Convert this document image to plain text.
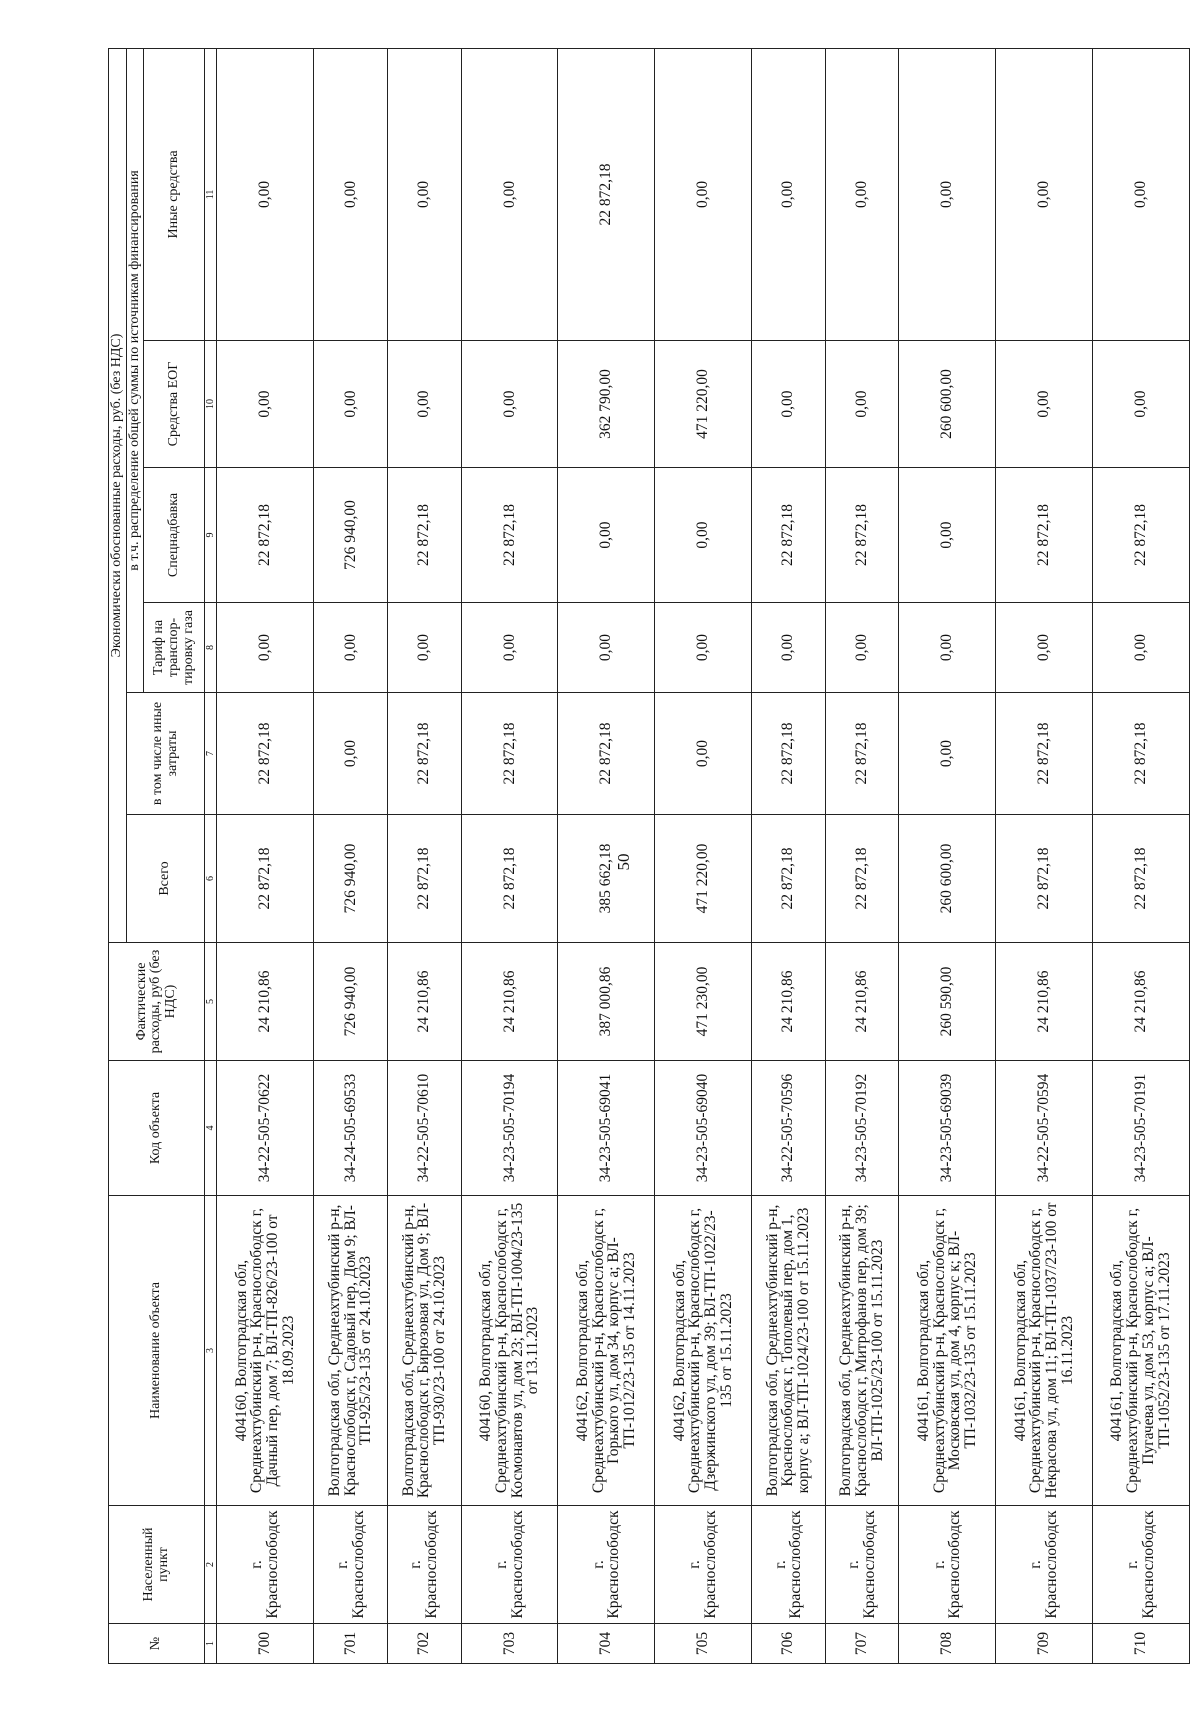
50
№	Населенный пункт	Наименование объекта	Код объекта	Фактические расходы, руб (без НДС)	Экономически обоснованные расходы, руб. (без НДС)					
					Всего	в том числе иные затраты	в т.ч. распределение общей суммы по источникам финансирования			
							Тариф на транспор-тировку газа	Спецнадбавка	Средства ЕОГ	Иные средства
1	2	3	4	5	6	7	8	9	10	11
700	г. Краснослободск	404160, Волгоградская обл, Среднеахтубинский р-н, Краснослободск г, Дачный пер, дом 7; ВЛ-ТП-826/23-100 от 18.09.2023	34-22-505-70622	24 210,86	22 872,18	22 872,18	0,00	22 872,18	0,00	0,00
701	г. Краснослободск	Волгоградская обл, Среднеахтубинский р-н, Краснослободск г, Садовый пер, Дом 9; ВЛ-ТП-925/23-135 от 24.10.2023	34-24-505-69533	726 940,00	726 940,00	0,00	0,00	726 940,00	0,00	0,00
702	г. Краснослободск	Волгоградская обл, Среднеахтубинский р-н, Краснослободск г, Бирюзовая ул, Дом 9; ВЛ-ТП-930/23-100 от 24.10.2023	34-22-505-70610	24 210,86	22 872,18	22 872,18	0,00	22 872,18	0,00	0,00
703	г. Краснослободск	404160, Волгоградская обл, Среднеахтубинский р-н, Краснослободск г, Космонавтов ул, дом 23; ВЛ-ТП-1004/23-135 от 13.11.2023	34-23-505-70194	24 210,86	22 872,18	22 872,18	0,00	22 872,18	0,00	0,00
704	г. Краснослободск	404162, Волгоградская обл, Среднеахтубинский р-н, Краснослободск г, Горького ул, дом 34, корпус а; ВЛ-ТП-1012/23-135 от 14.11.2023	34-23-505-69041	387 000,86	385 662,18	22 872,18	0,00	0,00	362 790,00	22 872,18
705	г. Краснослободск	404162, Волгоградская обл, Среднеахтубинский р-н, Краснослободск г, Дзержинского ул, дом 39; ВЛ-ТП-1022/23-135 от 15.11.2023	34-23-505-69040	471 230,00	471 220,00	0,00	0,00	0,00	471 220,00	0,00
706	г. Краснослободск	Волгоградская обл, Среднеахтубинский р-н, Краснослободск г, Тополевый пер, дом 1, корпус а; ВЛ-ТП-1024/23-100 от 15.11.2023	34-22-505-70596	24 210,86	22 872,18	22 872,18	0,00	22 872,18	0,00	0,00
707	г. Краснослободск	Волгоградская обл, Среднеахтубинский р-н, Краснослободск г, Митрофанов пер, дом 39; ВЛ-ТП-1025/23-100 от 15.11.2023	34-23-505-70192	24 210,86	22 872,18	22 872,18	0,00	22 872,18	0,00	0,00
708	г. Краснослободск	404161, Волгоградская обл, Среднеахтубинский р-н, Краснослободск г, Московская ул, дом 4, корпус к; ВЛ-ТП-1032/23-135 от 15.11.2023	34-23-505-69039	260 590,00	260 600,00	0,00	0,00	0,00	260 600,00	0,00
709	г. Краснослободск	404161, Волгоградская обл, Среднеахтубинский р-н, Краснослободск г, Некрасова ул, дом 11; ВЛ-ТП-1037/23-100 от 16.11.2023	34-22-505-70594	24 210,86	22 872,18	22 872,18	0,00	22 872,18	0,00	0,00
710	г. Краснослободск	404161, Волгоградская обл, Среднеахтубинский р-н, Краснослободск г, Пугачева ул, дом 53, корпус а; ВЛ-ТП-1052/23-135 от 17.11.2023	34-23-505-70191	24 210,86	22 872,18	22 872,18	0,00	22 872,18	0,00	0,00
